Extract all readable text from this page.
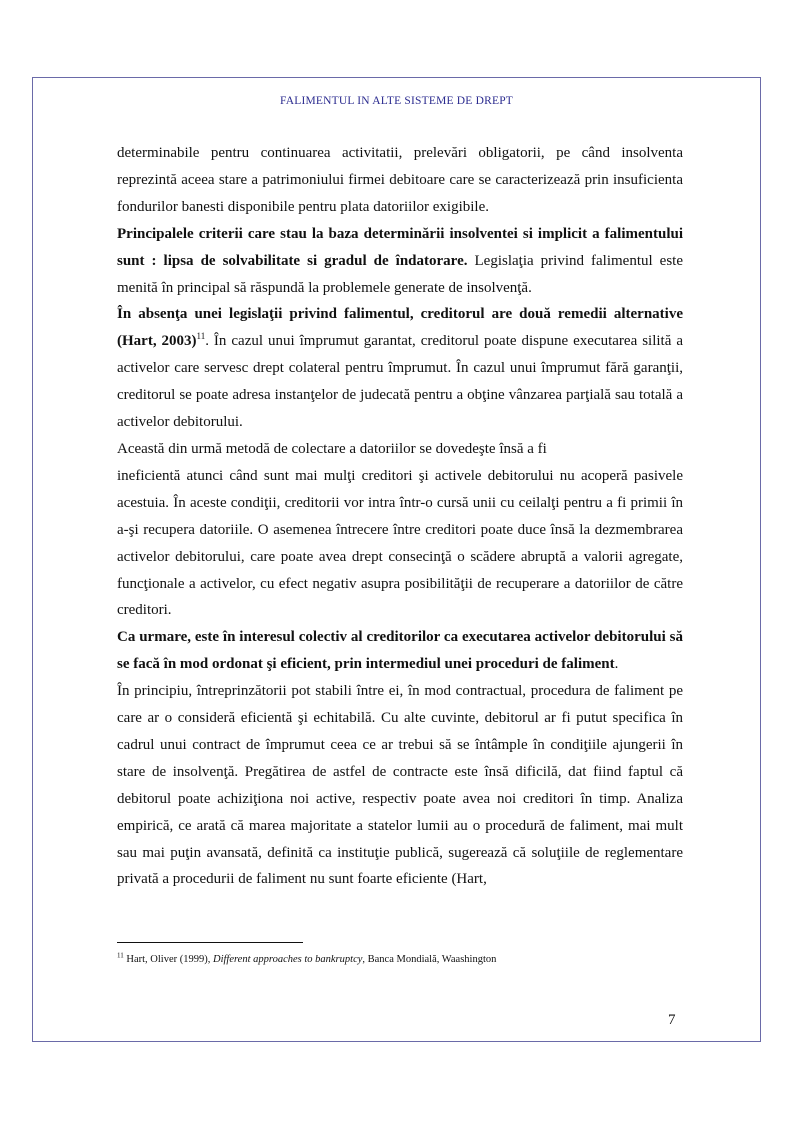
FALIMENTUL IN ALTE SISTEME DE DREPT

determinabile pentru continuarea activitatii, prelevări obligatorii, pe când insolventa reprezintă aceea stare a patrimoniului firmei debitoare care se caracterizează prin insuficienta fondurilor banesti disponibile pentru plata datoriilor exigibile.

Principalele criterii care stau la baza determinării insolventei si implicit a falimentului sunt : lipsa de solvabilitate si gradul de îndatorare. Legislaţia privind falimentul este menită în principal să răspundă la problemele generate de insolvenţă.

În absenţa unei legislaţii privind falimentul, creditorul are două remedii alternative (Hart, 2003)$^{11}$. În cazul unui împrumut garantat, creditorul poate dispune executarea silită a activelor care servesc drept colateral pentru împrumut. În cazul unui împrumut fără garanţii, creditorul se poate adresa instanţelor de judecată pentru a obţine vânzarea parţială sau totală a activelor debitorului.

Această din urmă metodă de colectare a datoriilor se dovedeşte însă a fi

ineficientă atunci când sunt mai mulţi creditori şi activele debitorului nu acoperă pasivele acestuia. În aceste condiţii, creditorii vor intra într-o cursă unii cu ceilalţi pentru a fi primii în a-şi recupera datoriile. O asemenea întrecere între creditori poate duce însă la dezmembrarea activelor debitorului, care poate avea drept consecinţă o scădere abruptă a valorii agregate, funcţionale a activelor, cu efect negativ asupra posibilităţii de recuperare a datoriilor de către creditori.

Ca urmare, este în interesul colectiv al creditorilor ca executarea activelor debitorului să se facă în mod ordonat şi eficient, prin intermediul unei proceduri de faliment.

În principiu, întreprinzătorii pot stabili între ei, în mod contractual, procedura de faliment pe care ar o consideră eficientă şi echitabilă. Cu alte cuvinte, debitorul ar fi putut specifica în cadrul unui contract de împrumut ceea ce ar trebui să se întâmple în condiţiile ajungerii în stare de insolvenţă. Pregătirea de astfel de contracte este însă dificilă, dat fiind faptul că debitorul poate achiziţiona noi active, respectiv poate avea noi creditori în timp. Analiza empirică, ce arată că marea majoritate a statelor lumii au o procedură de faliment, mai mult sau mai puţin avansată, definită ca instituţie publică, sugerează că soluţiile de reglementare privată a procedurii de faliment nu sunt foarte eficiente (Hart,

$^{11}$ Hart, Oliver (1999), Different approaches to bankruptcy, Banca Mondială, Waashington
7
